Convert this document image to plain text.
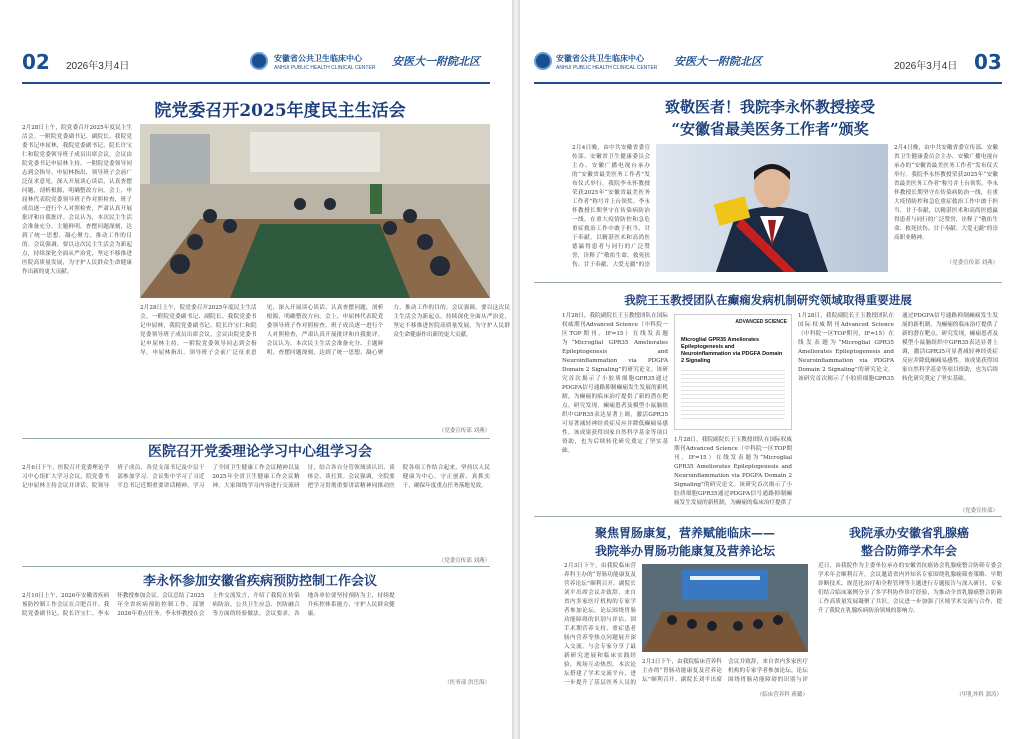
02 2026年3月4日
安徽省公共卫生临床中心
ANHUI PUBLIC HEALTH CLINICAL CENTER 安医大一附院北区
院党委召开2025年度民主生活会
2月28日上午，院党委召开2025年度民主生活会。一附院党委副书记、副院长、我院党委书记申屈林，我院党委副书记、院长许宝仁和院党委领导班子成员出席会议，会议由院党委书记申屈林主持。一附院党委领导同志到会指导。申屈林指出，领导班子会前广泛征求意见，深入开展谈心谈话，认真查摆问题，剖析根源，明确整改方向。会上，申屈林代表院党委领导班子作对照检查，班子成员逐一进行个人对照检查，严肃认真开展批评和自我批评。会议认为，本次民主生活会准备充分、主题鲜明，查摆问题深刻，达到了统一思想、凝心聚力、推动工作的目的。会议强调，要以这次民主生活会为新起点，持续深化全面从严治党，坚定不移推进医院高质量发展，为守护人民群众生命健康作出新的更大贡献。
2月28日上午，院党委召开2025年度民主生活会。一附院党委副书记、副院长、我院党委书记申屈林，我院党委副书记、院长许宝仁和院党委领导班子成员出席会议，会议由院党委书记申屈林主持。一附院党委领导同志到会指导。申屈林指出，领导班子会前广泛征求意见，深入开展谈心谈话，认真查摆问题，剖析根源，明确整改方向。会上，申屈林代表院党委领导班子作对照检查，班子成员逐一进行个人对照检查，严肃认真开展批评和自我批评。会议认为，本次民主生活会准备充分、主题鲜明，查摆问题深刻，达到了统一思想、凝心聚力、推动工作的目的。会议强调，要以这次民主生活会为新起点，持续深化全面从严治党，坚定不移推进医院高质量发展，为守护人民群众生命健康作出新的更大贡献。
（党委宣传部 刘燕）
医院召开党委理论学习中心组学习会
2月6日下午，医院召开党委理论学习中心组扩大学习会议，院党委书记申屈林主持会议并讲话，院领导班子成员、各党支部书记及中层干部参加学习。会议集中学习了习近平总书记近期重要讲话精神，学习了全国卫生健康工作会议精神以及2025年全省卫生健康工作会议精神。大家围绕学习内容进行交流研讨，结合各自分管领域谈认识、谈体会、谈打算。会议强调，全院要把学习贯彻重要讲话精神同推动医院各项工作结合起来，坚持以人民健康为中心，守正创新、真抓实干，确保年度重点任务落地见效。
（党委宣传部 刘燕）
李永怀参加安徽省疾病预防控制工作会议
2月10日上午，2026年安徽省疾病预防控制工作会议在合肥召开。我院党委副书记、院长许宝仁、李永怀教授参加会议。会议总结了2025年全省疾病预防控制工作，部署2026年重点任务。李永怀教授在会上作交流发言，介绍了我院在传染病防治、公共卫生应急、医防融合等方面的经验做法。会议要求，各地各单位要坚持预防为主，持续提升疾控体系能力，守护人民群众健康。
（医务部 洪岳海）
安徽省公共卫生临床中心
ANHUI PUBLIC HEALTH CLINICAL CENTER 安医大一附院北区	2026年3月4日 03
致敬医者！我院李永怀教授接受
“安徽省最美医务工作者”颁奖
2月4日晚，由中共安徽省委宣传部、安徽省卫生健康委员会主办、安徽广播电视台承办的“安徽省最美医务工作者”发布仪式举行。我院李永怀教授荣获2025年“安徽省最美医务工作者”称号并上台领奖。李永怀教授长期坚守在传染病防治一线，在重大疫情防控和急危重症救治工作中敢于担当、甘于奉献，以精湛医术和高尚医德赢得患者与同行的广泛赞誉，诠释了“敬佑生命、救死扶伤、甘于奉献、大爱无疆”的崇
2月4日晚，由中共安徽省委宣传部、安徽省卫生健康委员会主办、安徽广播电视台承办的“安徽省最美医务工作者”发布仪式举行。我院李永怀教授荣获2025年“安徽省最美医务工作者”称号并上台领奖。李永怀教授长期坚守在传染病防治一线，在重大疫情防控和急危重症救治工作中敢于担当、甘于奉献，以精湛医术和高尚医德赢得患者与同行的广泛赞誉，诠释了“敬佑生命、救死扶伤、甘于奉献、大爱无疆”的崇高职业精神。
（党委宣传部 刘燕）
我院王玉教授团队在癫痫发病机制研究领域取得重要进展
1月28日，我院副院长王玉教授团队在国际权威期刊Advanced Science（中科院一区TOP期刊，IF=15）在线发表题为“Microglial GPR35 Ameliorates Epileptogenesis and Neuroinflammation via PDGFA Domain 2 Signaling”的研究论文。该研究首次揭示了小胶质细胞GPR35通过PDGFA信号通路抑制癫痫发生发展的新机制，为癫痫的临床治疗提供了新的潜在靶点。研究发现，癫痫患者及模型小鼠脑组织中GPR35表达显著上调，激活GPR35可显著减轻神经炎症反应并降低癫痫易感性。该成果获得国家自然科学基金等项目资助，也为后续转化研究奠定了坚实基础。
ADVANCED SCIENCE
Microglial GPR35 Ameliorates Epileptogenesis and Neuroinflammation via PDGFA Domain 2 Signaling
1月28日，我院副院长王玉教授团队在国际权威期刊Advanced Science（中科院一区TOP期刊，IF=15）在线发表题为“Microglial GPR35 Ameliorates Epileptogenesis and Neuroinflammation via PDGFA Domain 2 Signaling”的研究论文。该研究首次揭示了小胶质细胞GPR35通过PDGFA信号通路抑制癫痫发生发展的新机制，为癫痫的临床治疗提供了
1月28日，我院副院长王玉教授团队在国际权威期刊Advanced Science（中科院一区TOP期刊，IF=15）在线发表题为“Microglial GPR35 Ameliorates Epileptogenesis and Neuroinflammation via PDGFA Domain 2 Signaling”的研究论文。该研究首次揭示了小胶质细胞GPR35通过PDGFA信号通路抑制癫痫发生发展的新机制，为癫痫的临床治疗提供了新的潜在靶点。研究发现，癫痫患者及模型小鼠脑组织中GPR35表达显著上调，激活GPR35可显著减轻神经炎症反应并降低癫痫易感性。该成果获得国家自然科学基金等项目资助，也为后续转化研究奠定了坚实基础。
（党委宣传部）
聚焦胃肠康复，营养赋能临床——
我院举办胃肠功能康复及营养论坛
2月3日下午，由我院临床营养科主办的“胃肠功能康复及营养论坛”顺利召开。副院长刘平出席会议并致辞，来自省内多家医疗机构的专家学者参加论坛。论坛围绕胃肠功能障碍的识别与评估、围手术期营养支持、重症患者肠内营养等热点问题展开深入交流。与会专家分享了最新研究进展和临床实践经验，现场互动热烈。本次论坛搭建了学术交流平台，进一步提升了基层医务人员的
2月3日下午，由我院临床营养科主办的“胃肠功能康复及营养论坛”顺利召开。副院长刘平出席会议并致辞，来自省内多家医疗机构的专家学者参加论坛。论坛围绕胃肠功能障碍的识别与评
（临床营养科 蒋璐）
我院承办安徽省乳腺癌
整合防筛学术年会
近日，由我院作为主委单位承办的安徽省抗癌协会乳腺癌整合防筛专委会学术年会顺利召开。会议邀请省内外知名专家围绕乳腺癌筛查策略、早期诊断技术、规范化治疗和全程管理等主题进行专题报告与深入研讨。专家们结合临床案例分享了多学科协作诊疗经验，为推动全省乳腺癌整合防筛工作高质量发展凝聚了共识。会议进一步加强了区域学术交流与合作，提升了我院在乳腺疾病防治领域的影响力。
（甲乳外科 郭涛）
